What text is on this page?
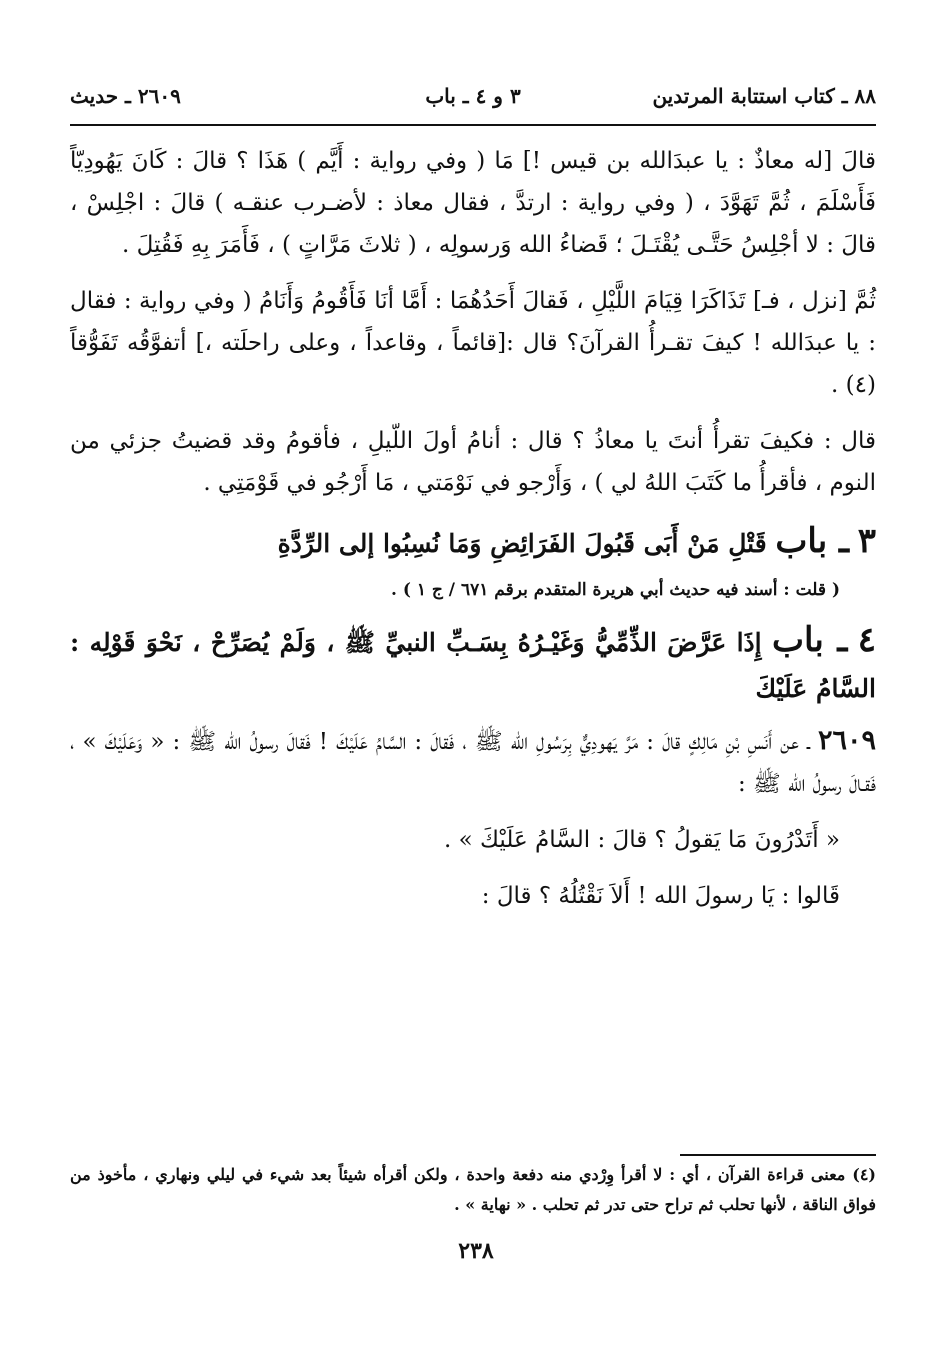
٨٨ ـ كتاب استتابة المرتدين
٣ و ٤ ـ باب
٢٦٠٩ ـ حديث

قالَ [له معاذٌ : يا عبدَالله بن قيس !] مَا ( وفي رواية : أَيَّم ) هَذَا ؟ قالَ : كَانَ يَهُودِيّاً فَأَسْلَمَ ، ثُمَّ تَهَوَّدَ ، ( وفي رواية : ارتدَّ ، فقال معاذ : لأضـرب عنقـه ) قالَ : اجْلِسْ ، قالَ : لا أجْلِسُ حَتَّـى يُقْتَـلَ ؛ قَضاءُ الله وَرسولِه ، ( ثلاثَ مَرَّاتٍ ) ، فَأَمَرَ بِهِ فَقُتِلَ .

ثُمَّ [نزل ، فـ] تَذَاكَرَا قِيَامَ اللَّيْلِ ، فَقالَ أَحَدُهُمَا : أَمَّا أنَا فَأَقُومُ وَأَنَامُ ( وفي رواية : فقال : يا عبدَالله ! كيفَ تقـرأُ القرآنَ؟ قال :[قائماً ، وقاعداً ، وعلى راحلَته ،] أتفوَّقُه تَفَوُّقاً (٤) .

قال : فكيفَ تقرأُ أنتَ يا معاذُ ؟ قال : أنامُ أولَ اللّيلِ ، فأقومُ وقد قضيتُ جزئي من النوم ، فأقرأُ ما كَتَبَ اللهُ لي ) ، وَأَرْجو في نَوْمَتي ، مَا أَرْجُو في قَوْمَتِي .

٣ ـ باب قَتْلِ مَنْ أَبَى قَبُولَ الفَرَائِضِ وَمَا نُسِبُوا إلى الرِّدَّةِ
( قلت : أسند فيه حديث أبي هريرة المتقدم برقم ٦٧١ / ج ١ ) .
٤ ـ باب إِذَا عَرَّضَ الذِّمِّيُّ وَغَيْـرُهُ بِسَـبِّ النبيِّ ﷺ ، وَلَمْ يُصَرِّحْ ، نَحْوَ قَوْلِه : السَّامُ عَلَيْكَ

٢٦٠٩ ـ عن أَنَسِ بْنِ مَالِكٍ قالَ : مَرَّ يَهودِيٌّ بِرَسُولِ الله ﷺ ، فَقالَ : السَّامُ عَلَيْكَ ! فَقالَ رسولُ الله ﷺ : « وَعَلَيْكَ » ، فَقـالَ رسولُ الله ﷺ :

« أَتَدْرُونَ مَا يَقولُ ؟ قالَ : السَّامُ عَلَيْكَ » .

قَالوا : يَا رسولَ الله ! أَلاَ نَقْتُلُهُ ؟ قالَ :

(٤) معنى قراءة القرآن ، أي : لا أقرأ وِرْدي منه دفعة واحدة ، ولكن أقرأه شيئاً بعد شيء في ليلي ونهاري ، مأخوذ من فواق الناقة ، لأنها تحلب ثم تراح حتى تدر ثم تحلب . « نهاية » .
٢٣٨
